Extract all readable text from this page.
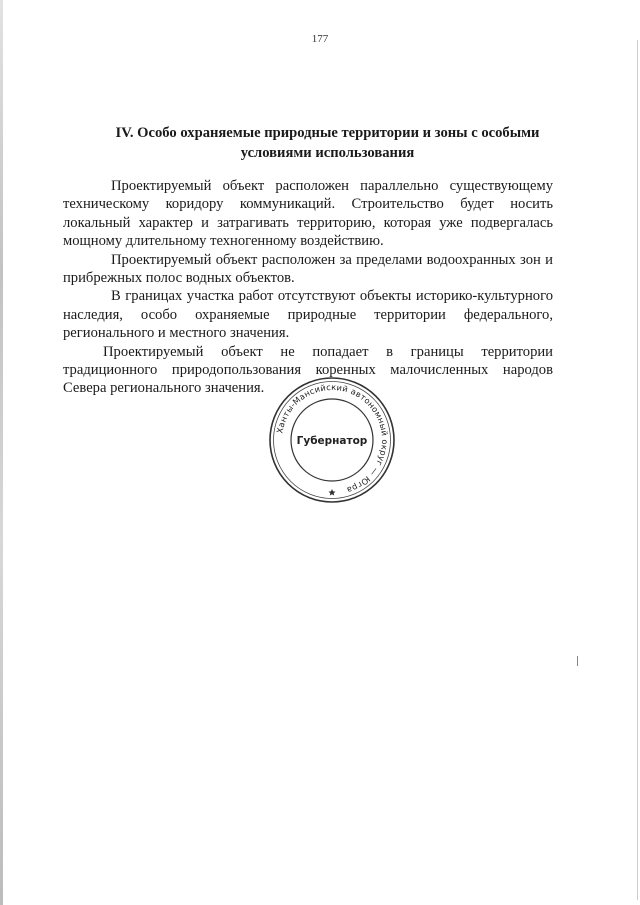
177
IV. Особо охраняемые природные территории и зоны с особыми
условиями использования

Проектируемый объект расположен параллельно существующему техническому коридору коммуникаций. Строительство будет носить локальный характер и затрагивать территорию, которая уже подвергалась мощному длительному техногенному воздействию.

Проектируемый объект расположен за пределами водоохранных зон и прибрежных полос водных объектов.

В границах участка работ отсутствуют объекты историко-культурного наследия, особо охраняемые природные территории федерального, регионального и местного значения.

Проектируемый объект не попадает в границы территории традиционного природопользования коренных малочисленных народов Севера регионального значения.

Ханты-Мансийский автономный округ — Югра
Губернатор
